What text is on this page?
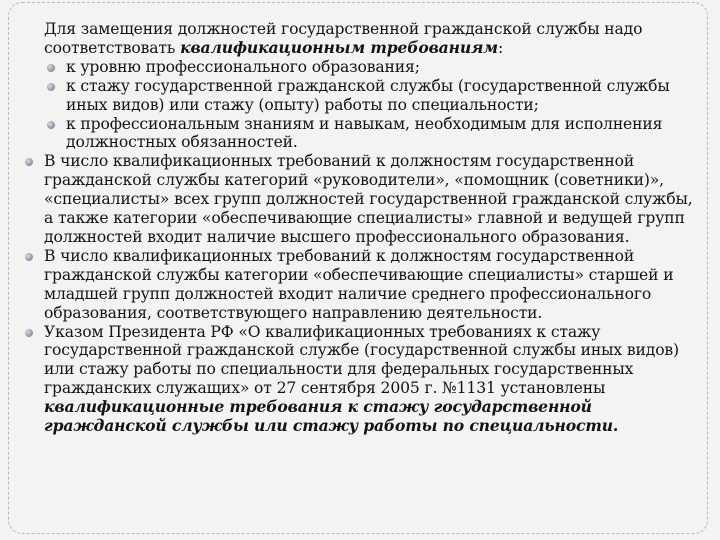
Для замещения должностей государственной гражданской службы надо соответствовать квалификационным требованиям:

к уровню профессионального образования;
к стажу государственной гражданской службы (государственной службы иных видов) или стажу (опыту) работы по специальности;
к профессиональным знаниям и навыкам, необходимым для исполнения должностных обязанностей.
В число квалификационных требований к должностям государственной гражданской службы категорий «руководители», «помощник (советники)», «специалисты» всех групп должностей государственной гражданской службы, а также категории «обеспечивающие специалисты» главной и ведущей групп должностей входит наличие высшего профессионального образования.
В число квалификационных требований к должностям государственной гражданской службы категории «обеспечивающие специалисты» старшей и младшей групп должностей входит наличие среднего профессионального образования, соответствующего направлению деятельности.
Указом Президента РФ «О квалификационных требованиях к стажу государственной гражданской службе (государственной службы иных видов) или стажу работы по специальности для федеральных государственных гражданских служащих» от 27 сентября 2005 г. №1131 установлены квалификационные требования к стажу государственной гражданской службы или стажу работы по специальности.
